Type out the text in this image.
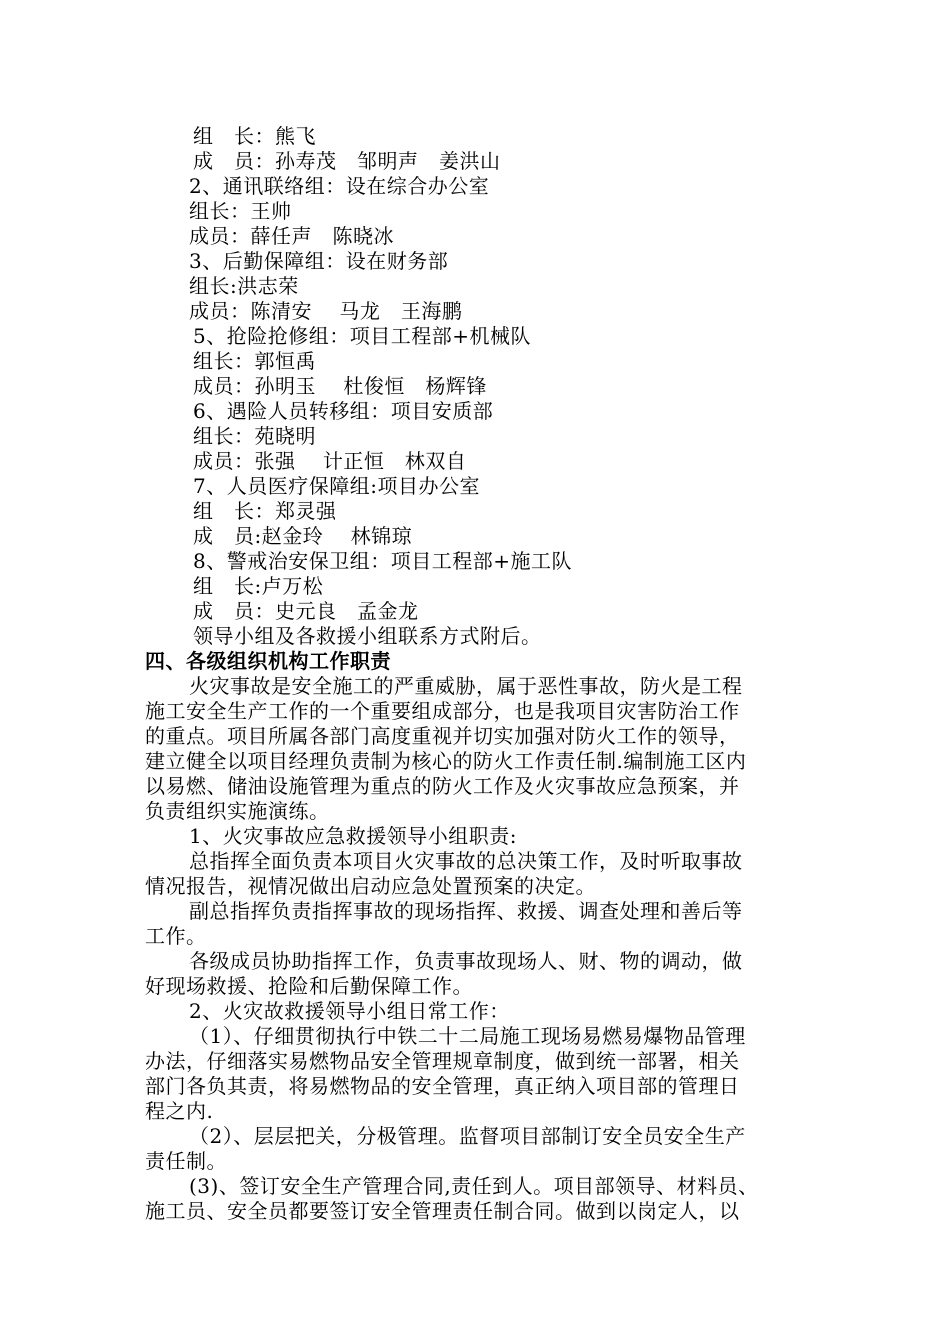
组　长：熊飞
成　员：孙寿茂　邹明声　姜洪山
2、通讯联络组：设在综合办公室
组长：王帅
成员：薛任声　陈晓冰
3、后勤保障组：设在财务部
组长:洪志荣
成员：陈清安　 马龙　王海鹏
5、抢险抢修组：项目工程部+机械队
组长：郭恒禹
成员：孙明玉　 杜俊恒　杨辉锋
6、遇险人员转移组：项目安质部
组长：苑晓明
成员：张强　 计正恒　林双自
7、人员医疗保障组:项目办公室
组　长：郑灵强
成　员:赵金玲　 林锦琼
8、警戒治安保卫组：项目工程部+施工队
组　长:卢万松
成　员：史元良　孟金龙
领导小组及各救援小组联系方式附后。
四、各级组织机构工作职责
火灾事故是安全施工的严重威胁，属于恶性事故，防火是工程
施工安全生产工作的一个重要组成部分，也是我项目灾害防治工作
的重点。项目所属各部门高度重视并切实加强对防火工作的领导，
建立健全以项目经理负责制为核心的防火工作责任制.编制施工区内
以易燃、储油设施管理为重点的防火工作及火灾事故应急预案，并
负责组织实施演练。
1、火灾事故应急救援领导小组职责:
总指挥全面负责本项目火灾事故的总决策工作，及时听取事故
情况报告，视情况做出启动应急处置预案的决定。
副总指挥负责指挥事故的现场指挥、救援、调查处理和善后等
工作。
各级成员协助指挥工作，负责事故现场人、财、物的调动，做
好现场救援、抢险和后勤保障工作。
2、火灾故救援领导小组日常工作：
（1）、仔细贯彻执行中铁二十二局施工现场易燃易爆物品管理
办法，仔细落实易燃物品安全管理规章制度，做到统一部署，相关
部门各负其责，将易燃物品的安全管理，真正纳入项目部的管理日
程之内.
（2）、层层把关，分极管理。监督项目部制订安全员安全生产
责任制。
(3)、签订安全生产管理合同,责任到人。项目部领导、材料员、
施工员、安全员都要签订安全管理责任制合同。做到以岗定人，以
